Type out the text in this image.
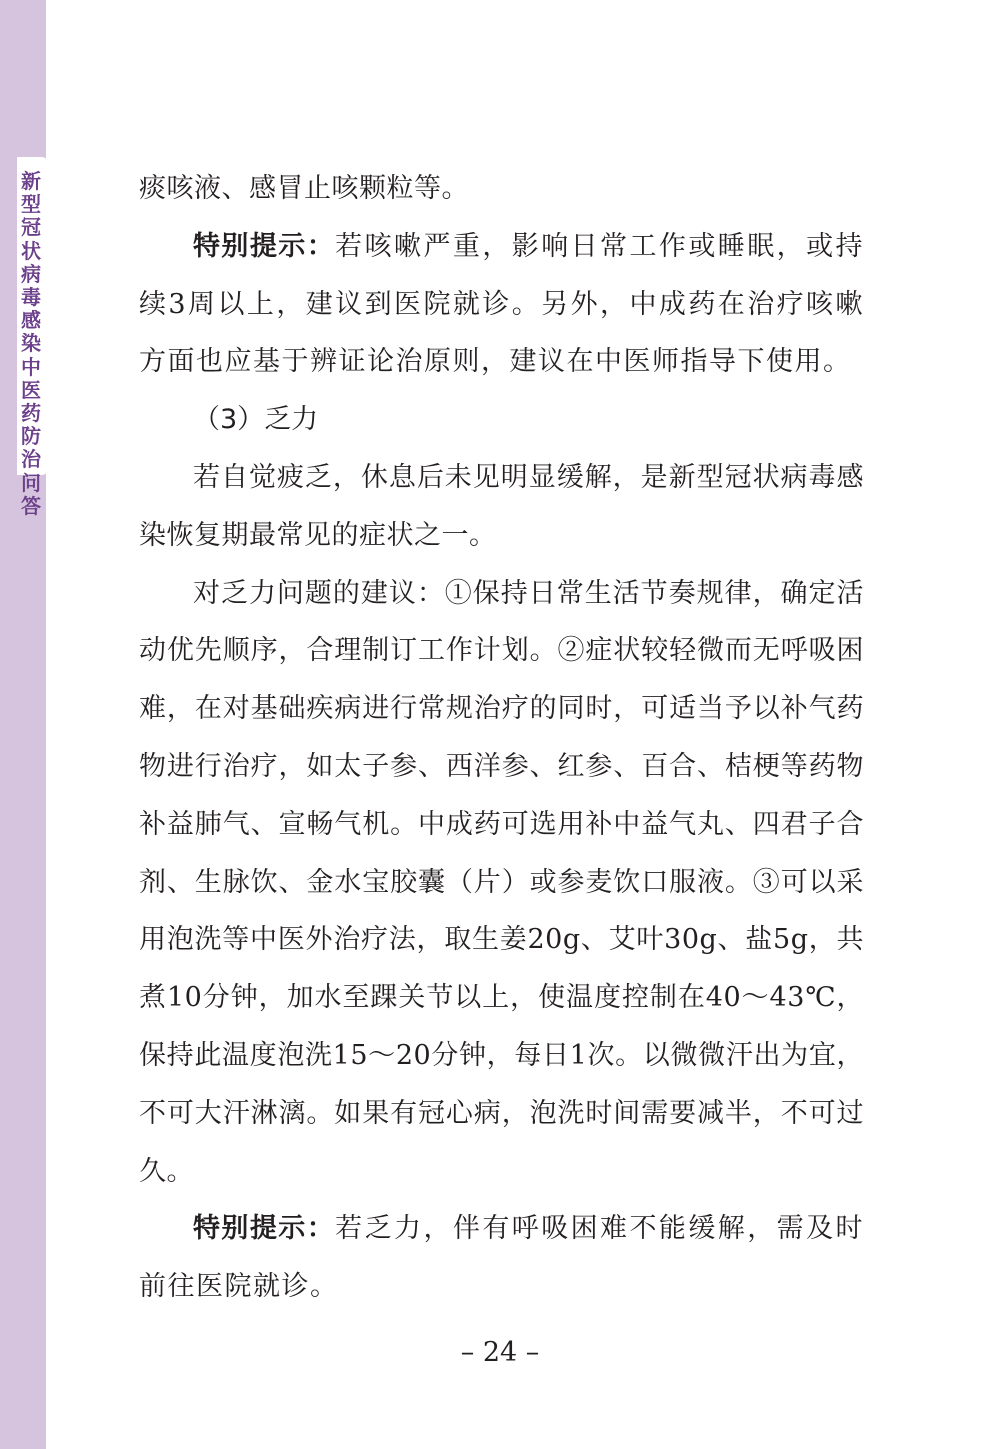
新型冠状病毒感染中医药防治问答

痰咳液、感冒止咳颗粒等。

特别提示：若咳嗽严重，影响日常工作或睡眠，或持续3周以上，建议到医院就诊。另外，中成药在治疗咳嗽方面也应基于辨证论治原则，建议在中医师指导下使用。

（3）乏力

若自觉疲乏，休息后未见明显缓解，是新型冠状病毒感染恢复期最常见的症状之一。

对乏力问题的建议：①保持日常生活节奏规律，确定活动优先顺序，合理制订工作计划。②症状较轻微而无呼吸困难，在对基础疾病进行常规治疗的同时，可适当予以补气药物进行治疗，如太子参、西洋参、红参、百合、桔梗等药物补益肺气、宣畅气机。中成药可选用补中益气丸、四君子合剂、生脉饮、金水宝胶囊（片）或参麦饮口服液。③可以采用泡洗等中医外治疗法，取生姜20g、艾叶30g、盐5g，共煮10分钟，加水至踝关节以上，使温度控制在40～43℃，保持此温度泡洗15～20分钟，每日1次。以微微汗出为宜，不可大汗淋漓。如果有冠心病，泡洗时间需要减半，不可过久。

特别提示：若乏力，伴有呼吸困难不能缓解，需及时前往医院就诊。

– 24 –
